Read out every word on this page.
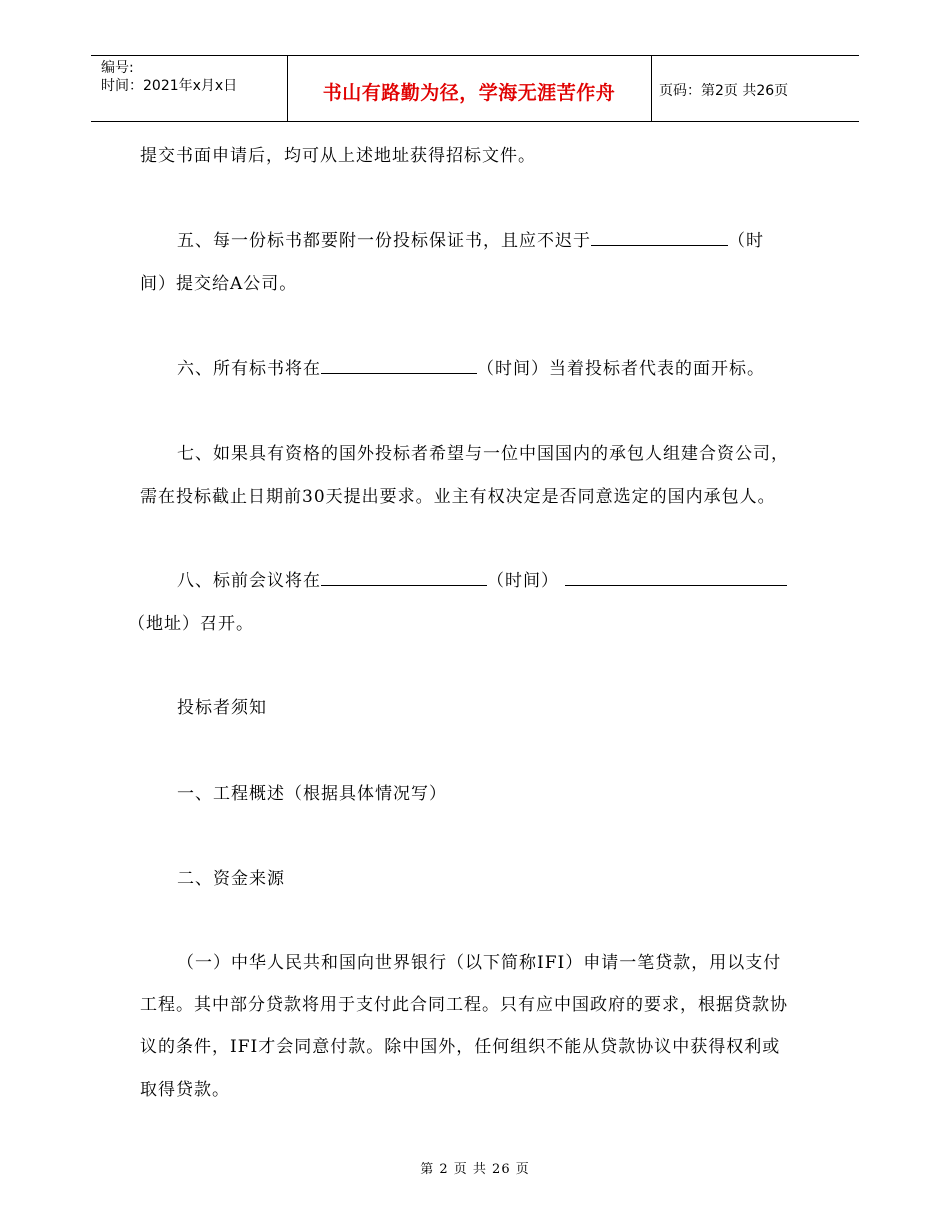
编号:
时间：2021年x月x日	书山有路勤为径，学海无涯苦作舟	页码：第2页 共26页
提交书面申请后，均可从上述地址获得招标文件。
五、每一份标书都要附一份投标保证书，且应不迟于	（时
间）提交给A公司。
六、所有标书将在	（时间）当着投标者代表的面开标。
七、如果具有资格的国外投标者希望与一位中国国内的承包人组建合资公司，
需在投标截止日期前30天提出要求。业主有权决定是否同意选定的国内承包人。
八、标前会议将在	（时间）
（地址）召开。
投标者须知
一、工程概述（根据具体情况写）
二、资金来源
（一）中华人民共和国向世界银行（以下简称IFI）申请一笔贷款，用以支付
工程。其中部分贷款将用于支付此合同工程。只有应中国政府的要求，根据贷款协
议的条件，IFI才会同意付款。除中国外，任何组织不能从贷款协议中获得权利或
取得贷款。
第 2 页 共 26 页
